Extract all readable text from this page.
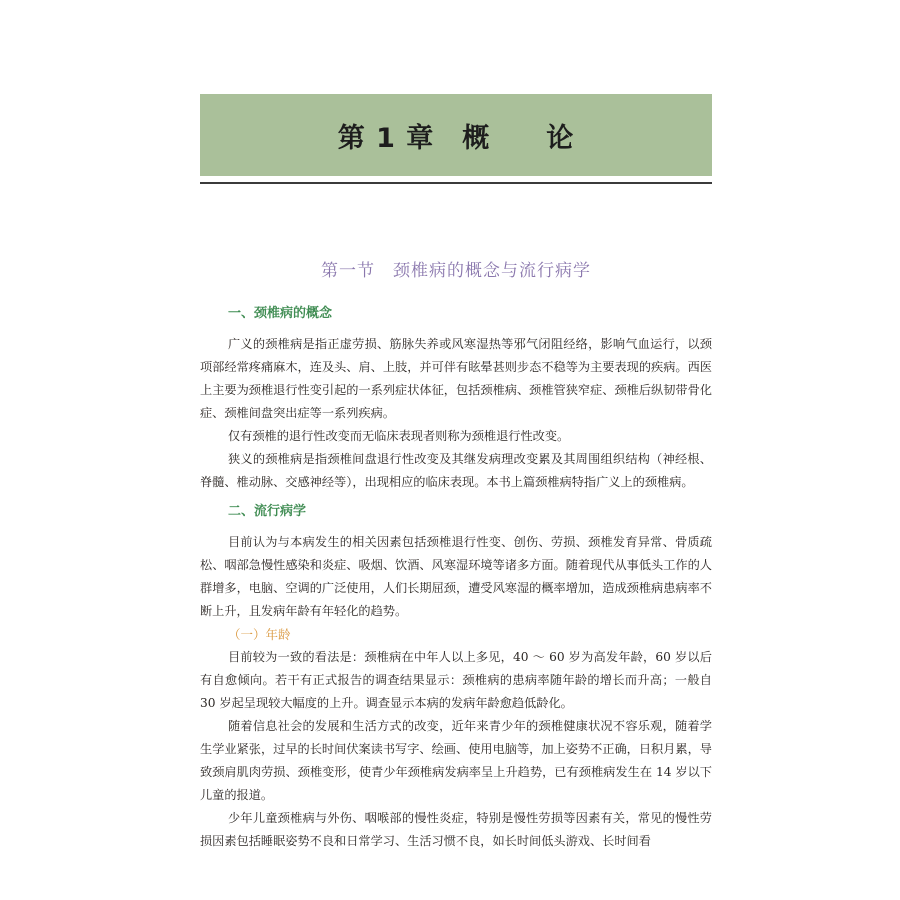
第 1 章　概　　论
第一节　颈椎病的概念与流行病学
一、颈椎病的概念

广义的颈椎病是指正虚劳损、筋脉失养或风寒湿热等邪气闭阻经络，影响气血运行，以颈项部经常疼痛麻木，连及头、肩、上肢，并可伴有眩晕甚则步态不稳等为主要表现的疾病。西医上主要为颈椎退行性变引起的一系列症状体征，包括颈椎病、颈椎管狭窄症、颈椎后纵韧带骨化症、颈椎间盘突出症等一系列疾病。

仅有颈椎的退行性改变而无临床表现者则称为颈椎退行性改变。

狭义的颈椎病是指颈椎间盘退行性改变及其继发病理改变累及其周围组织结构（神经根、脊髓、椎动脉、交感神经等），出现相应的临床表现。本书上篇颈椎病特指广义上的颈椎病。

二、流行病学

目前认为与本病发生的相关因素包括颈椎退行性变、创伤、劳损、颈椎发育异常、骨质疏松、咽部急慢性感染和炎症、吸烟、饮酒、风寒湿环境等诸多方面。随着现代从事低头工作的人群增多，电脑、空调的广泛使用，人们长期屈颈，遭受风寒湿的概率增加，造成颈椎病患病率不断上升，且发病年龄有年轻化的趋势。

（一）年龄

目前较为一致的看法是：颈椎病在中年人以上多见，40 ～ 60 岁为高发年龄，60 岁以后有自愈倾向。若干有正式报告的调查结果显示：颈椎病的患病率随年龄的增长而升高；一般自 30 岁起呈现较大幅度的上升。调查显示本病的发病年龄愈趋低龄化。

随着信息社会的发展和生活方式的改变，近年来青少年的颈椎健康状况不容乐观，随着学生学业紧张，过早的长时间伏案读书写字、绘画、使用电脑等，加上姿势不正确，日积月累，导致颈肩肌肉劳损、颈椎变形，使青少年颈椎病发病率呈上升趋势，已有颈椎病发生在 14 岁以下儿童的报道。

少年儿童颈椎病与外伤、咽喉部的慢性炎症，特别是慢性劳损等因素有关，常见的慢性劳损因素包括睡眠姿势不良和日常学习、生活习惯不良，如长时间低头游戏、长时间看
